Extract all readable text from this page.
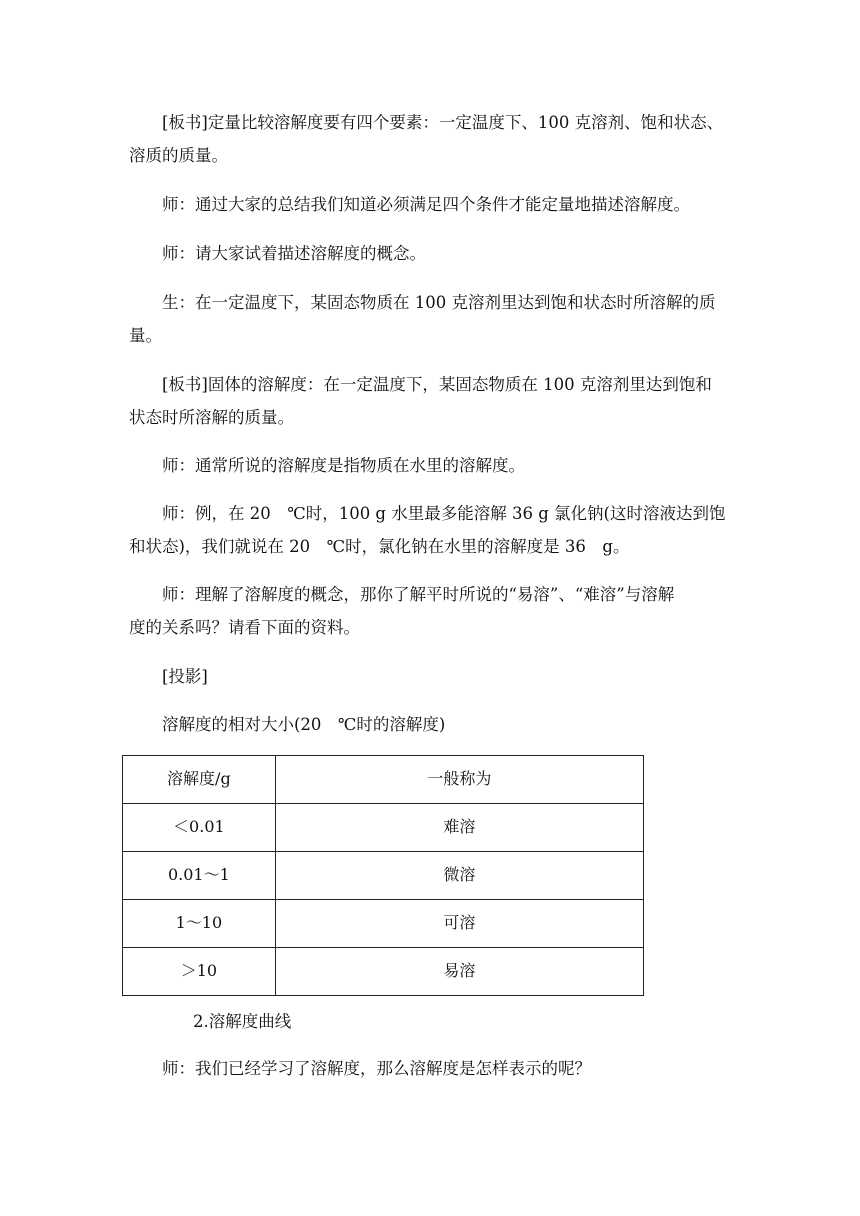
[板书]定量比较溶解度要有四个要素：一定温度下、100 克溶剂、饱和状态、
溶质的质量。
师：通过大家的总结我们知道必须满足四个条件才能定量地描述溶解度。
师：请大家试着描述溶解度的概念。
生：在一定温度下，某固态物质在 100 克溶剂里达到饱和状态时所溶解的质
量。
[板书]固体的溶解度：在一定温度下，某固态物质在 100 克溶剂里达到饱和
状态时所溶解的质量。
师：通常所说的溶解度是指物质在水里的溶解度。
师：例，在 20　℃时，100 g 水里最多能溶解 36 g 氯化钠(这时溶液达到饱
和状态)，我们就说在 20　℃时，氯化钠在水里的溶解度是 36　g。
师：理解了溶解度的概念，那你了解平时所说的“易溶”、“难溶”与溶解
度的关系吗？请看下面的资料。
[投影]
溶解度的相对大小(20　℃时的溶解度)
溶解度/g	一般称为
＜0.01	难溶
0.01～1	微溶
1～10	可溶
＞10	易溶
2.溶解度曲线
师：我们已经学习了溶解度，那么溶解度是怎样表示的呢？
